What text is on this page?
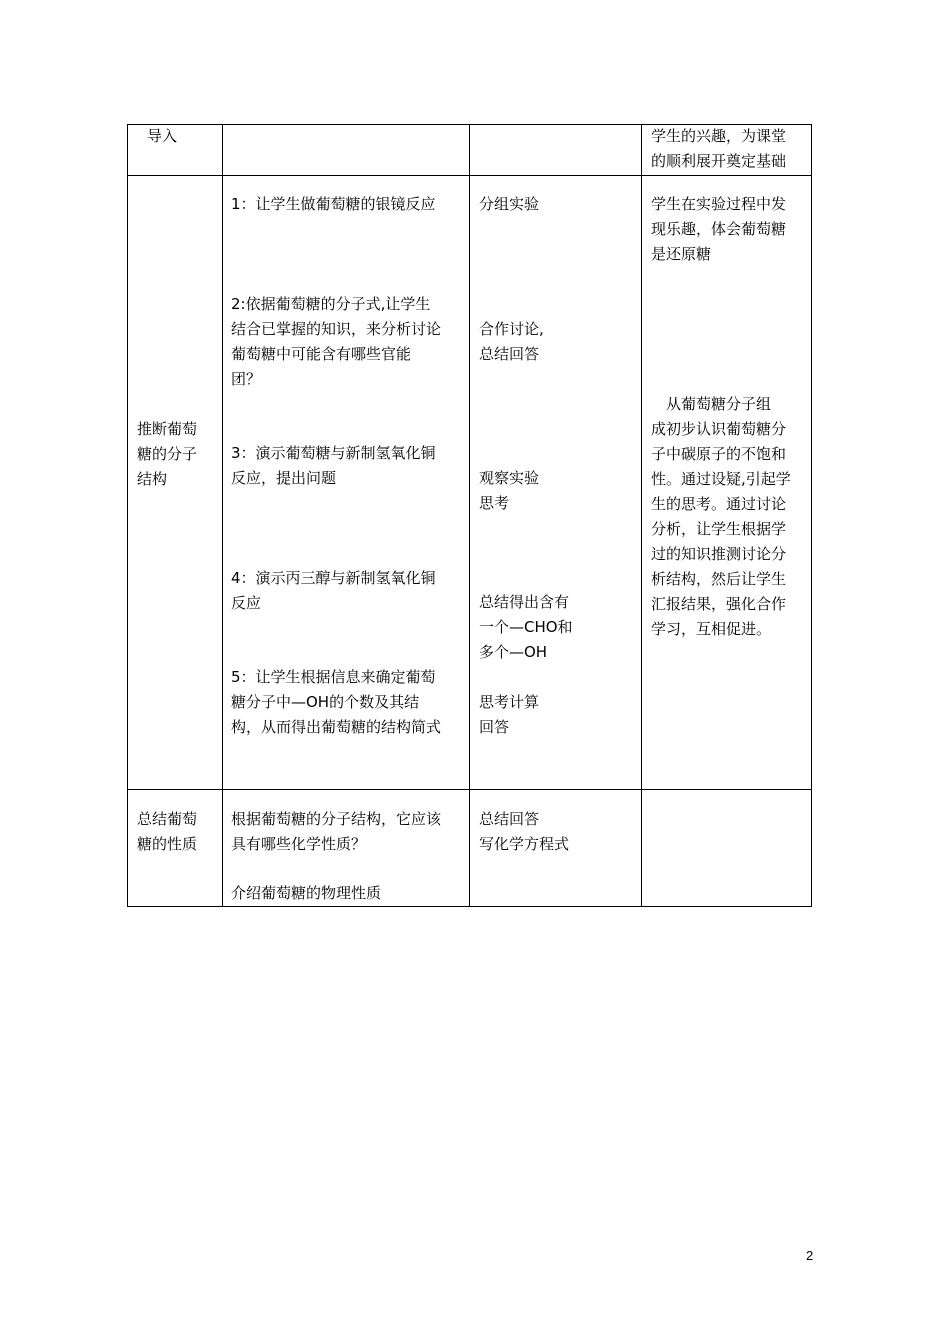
导入	学生的兴趣，为课堂
的顺利展开奠定基础
推断葡萄
糖的分子
结构
1：让学生做葡萄糖的银镜反应
2:依据葡萄糖的分子式,让学生
结合已掌握的知识，来分析讨论
葡萄糖中可能含有哪些官能
团？
3：演示葡萄糖与新制氢氧化铜
反应，提出问题
4：演示丙三醇与新制氢氧化铜
反应
5：让学生根据信息来确定葡萄
糖分子中—OH的个数及其结
构，从而得出葡萄糖的结构简式
分组实验
合作讨论,
总结回答
观察实验
思考
总结得出含有
一个—CHO和
多个—OH
思考计算
回答
学生在实验过程中发
现乐趣，体会葡萄糖
是还原糖
　从葡萄糖分子组
成初步认识葡萄糖分
子中碳原子的不饱和
性。通过设疑,引起学
生的思考。通过讨论
分析，让学生根据学
过的知识推测讨论分
析结构，然后让学生
汇报结果，强化合作
学习，互相促进。
总结葡萄
糖的性质
根据葡萄糖的分子结构，它应该
具有哪些化学性质？
介绍葡萄糖的物理性质
总结回答
写化学方程式
2
